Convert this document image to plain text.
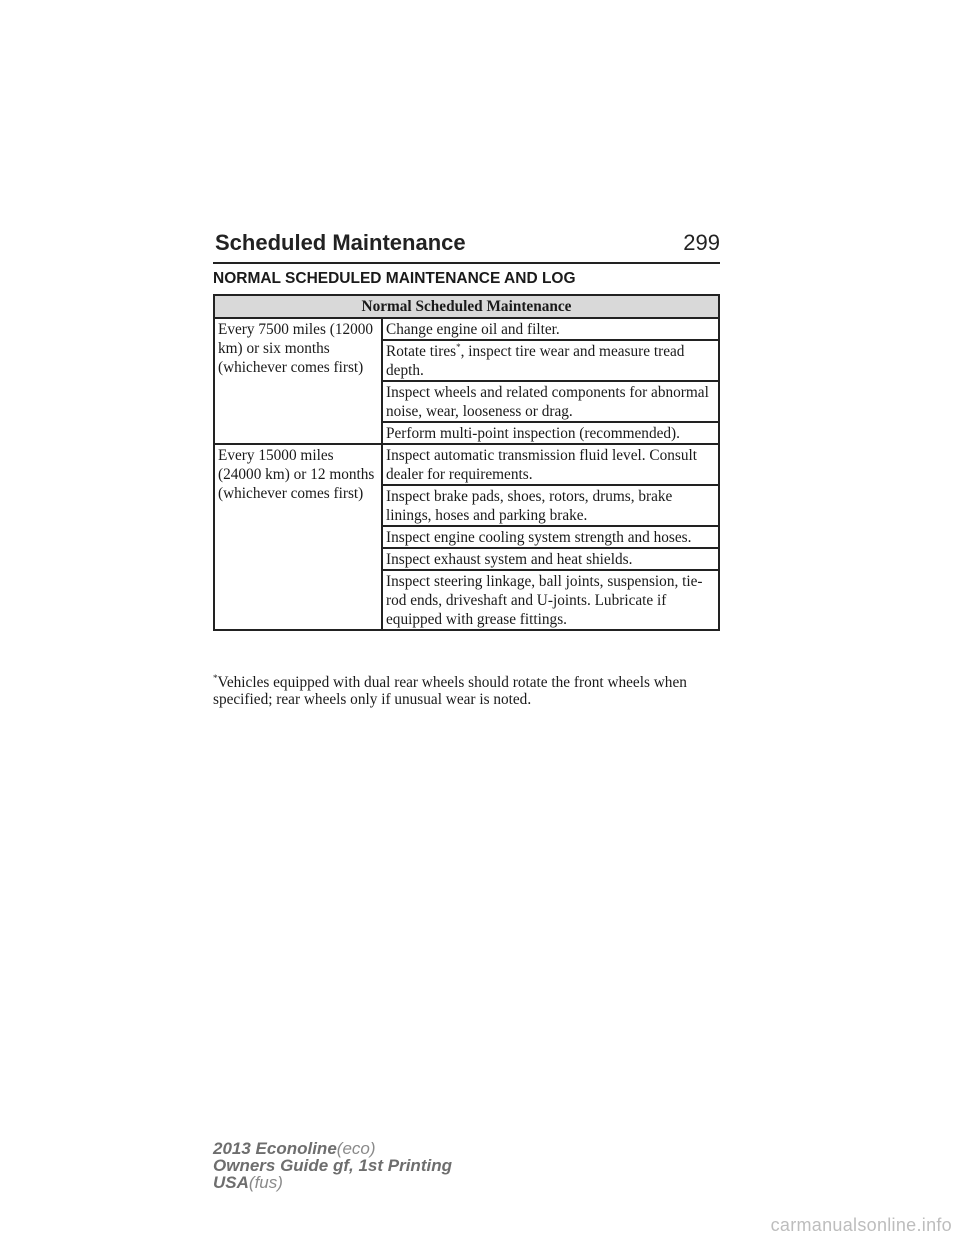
Scheduled Maintenance	299
NORMAL SCHEDULED MAINTENANCE AND LOG
Normal Scheduled Maintenance	
Every 7500 miles (12000 km) or six months (whichever comes first)	Change engine oil and filter.
	Rotate tires*, inspect tire wear and measure tread depth.
	Inspect wheels and related components for abnormal noise, wear, looseness or drag.
	Perform multi-point inspection (recommended).
Every 15000 miles (24000 km) or 12 months (whichever comes first)	Inspect automatic transmission fluid level. Consult dealer for requirements.
	Inspect brake pads, shoes, rotors, drums, brake linings, hoses and parking brake.
	Inspect engine cooling system strength and hoses.
	Inspect exhaust system and heat shields.
	Inspect steering linkage, ball joints, suspension, tie-rod ends, driveshaft and U-joints. Lubricate if equipped with grease fittings.
*Vehicles equipped with dual rear wheels should rotate the front wheels when specified; rear wheels only if unusual wear is noted.
2013 Econoline(eco)
Owners Guide gf, 1st Printing
USA(fus)
carmanualsonline.info
